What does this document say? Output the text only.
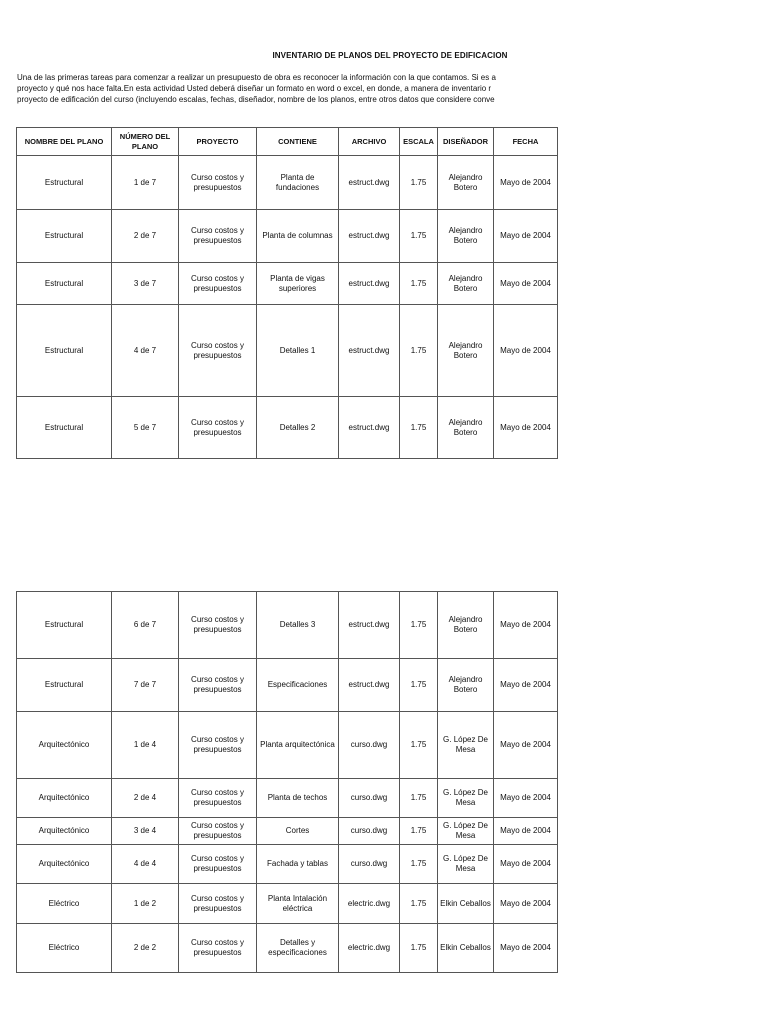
INVENTARIO DE PLANOS DEL PROYECTO DE EDIFICACION
Una de las primeras tareas para comenzar a realizar un presupuesto de obra es reconocer la información con la que contamos. Si es a
proyecto y qué nos hace falta.En esta actividad Usted deberá diseñar un formato en word o excel, en donde, a manera de inventario r
proyecto de edificación del curso (incluyendo escalas, fechas, diseñador, nombre de los planos, entre otros datos que considere conve
NOMBRE DEL PLANO	NÚMERO DEL PLANO	PROYECTO	CONTIENE	ARCHIVO	ESCALA	DISEÑADOR	FECHA
Estructural	1 de 7	Curso costos y presupuestos	Planta de fundaciones	estruct.dwg	1.75	Alejandro Botero	Mayo de 2004
Estructural	2 de 7	Curso costos y presupuestos	Planta de columnas	estruct.dwg	1.75	Alejandro Botero	Mayo de 2004
Estructural	3 de 7	Curso costos y presupuestos	Planta de vigas superiores	estruct.dwg	1.75	Alejandro Botero	Mayo de 2004
Estructural	4 de 7	Curso costos y presupuestos	Detalles 1	estruct.dwg	1.75	Alejandro Botero	Mayo de 2004
Estructural	5 de 7	Curso costos y presupuestos	Detalles 2	estruct.dwg	1.75	Alejandro Botero	Mayo de 2004
Estructural	6 de 7	Curso costos y presupuestos	Detalles 3	estruct.dwg	1.75	Alejandro Botero	Mayo de 2004
Estructural	7 de 7	Curso costos y presupuestos	Especificaciones	estruct.dwg	1.75	Alejandro Botero	Mayo de 2004
Arquitectónico	1 de 4	Curso costos y presupuestos	Planta arquitectónica	curso.dwg	1.75	G. López De Mesa	Mayo de 2004
Arquitectónico	2 de 4	Curso costos y presupuestos	Planta de techos	curso.dwg	1.75	G. López De Mesa	Mayo de 2004
Arquitectónico	3 de 4	Curso costos y presupuestos	Cortes	curso.dwg	1.75	G. López De Mesa	Mayo de 2004
Arquitectónico	4 de 4	Curso costos y presupuestos	Fachada y tablas	curso.dwg	1.75	G. López De Mesa	Mayo de 2004
Eléctrico	1 de 2	Curso costos y presupuestos	Planta Intalación eléctrica	electric.dwg	1.75	Elkin Ceballos	Mayo de 2004
Eléctrico	2 de 2	Curso costos y presupuestos	Detalles y especificaciones	electric.dwg	1.75	Elkin Ceballos	Mayo de 2004
